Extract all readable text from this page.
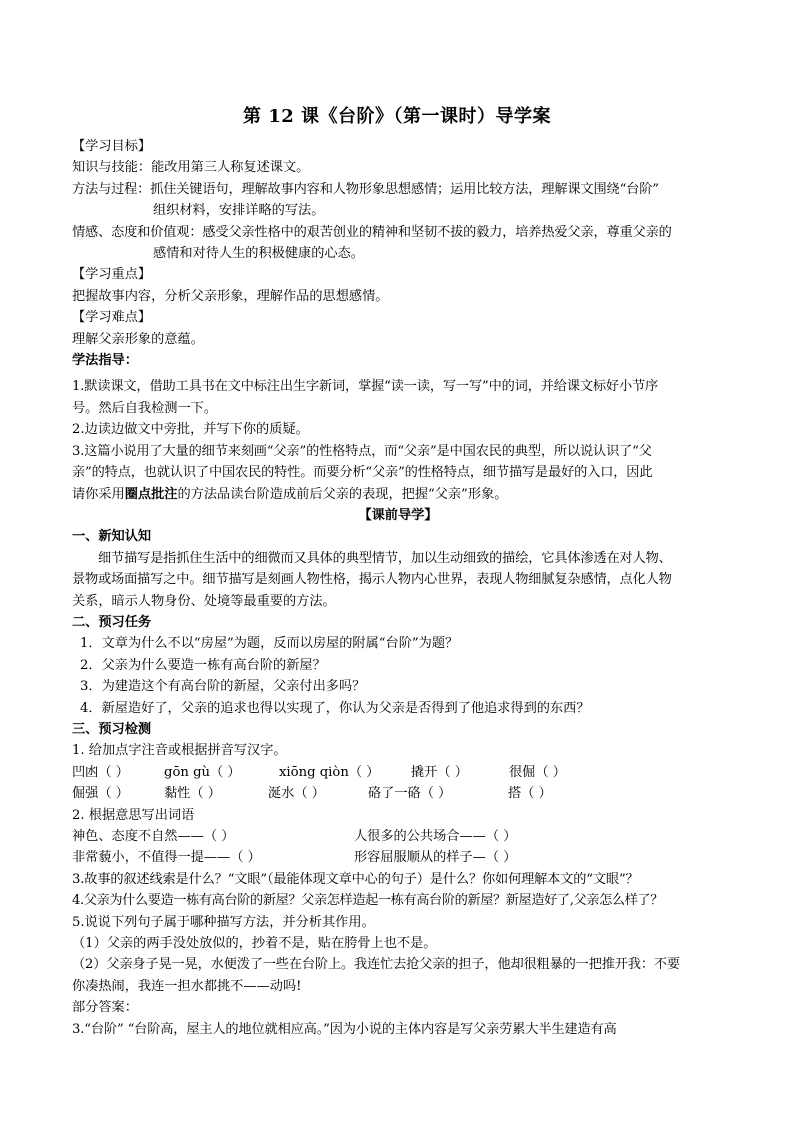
第 12 课《台阶》（第一课时）导学案
【学习目标】
知识与技能：能改用第三人称复述课文。
方法与过程：抓住关键语句，理解故事内容和人物形象思想感情；运用比较方法，理解课文围绕“台阶”
组织材料，安排详略的写法。
情感、态度和价值观：感受父亲性格中的艰苦创业的精神和坚韧不拔的毅力，培养热爱父亲，尊重父亲的
感情和对待人生的积极健康的心态。
【学习重点】
把握故事内容，分析父亲形象，理解作品的思想感情。
【学习难点】
理解父亲形象的意蕴。
学法指导：
1.默读课文，借助工具书在文中标注出生字新词，掌握“读一读，写一写”中的词，并给课文标好小节序
号。然后自我检测一下。
2.边读边做文中旁批，并写下你的质疑。
3.这篇小说用了大量的细节来刻画“父亲”的性格特点，而“父亲”是中国农民的典型，所以说认识了“父
亲”的特点，也就认识了中国农民的特性。而要分析“父亲”的性格特点，细节描写是最好的入口，因此
请你采用圈点批注的方法品读台阶造成前后父亲的表现，把握“父亲”形象。
【课前导学】
一、新知认知
细节描写是指抓住生活中的细微而又具体的典型情节，加以生动细致的描绘，它具体渗透在对人物、
景物或场面描写之中。细节描写是刻画人物性格，揭示人物内心世界，表现人物细腻复杂感情，点化人物
关系，暗示人物身份、处境等最重要的方法。
二、预习任务
1．文章为什么不以“房屋”为题，反而以房屋的附属“台阶”为题？
2．父亲为什么要造一栋有高台阶的新屋？
3．为建造这个有高台阶的新屋，父亲付出多吗？
4．新屋造好了，父亲的追求也得以实现了，你认为父亲是否得到了他追求得到的东西？
三、预习检测
1. 给加点字注音或根据拼音写汉字。
凹凼（ ）	gōn gù（ ）	xiōng qiòn（ ） 撬开（ ）	很倔（ ）
倔强（ ）	黏性（ ）	涎水（ ）	硌了一硌（ ）	搭（ ）
2. 根据意思写出词语
神色、态度不自然——（ ）	人很多的公共场合——（ ）
非常藐小，不值得一提——（ ）	形容屈服顺从的样子—（ ）
3.故事的叙述线索是什么？“文眼”（最能体现文章中心的句子）是什么？你如何理解本文的“文眼”？
4.父亲为什么要造一栋有高台阶的新屋？父亲怎样造起一栋有高台阶的新屋？新屋造好了,父亲怎么样了？
5.说说下列句子属于哪种描写方法，并分析其作用。
（1）父亲的两手没处放似的，抄着不是，贴在胯骨上也不是。
（2）父亲身子晃一晃，水便泼了一些在台阶上。我连忙去抢父亲的担子，他却很粗暴的一把推开我：不要
你凑热闹，我连一担水都挑不——动吗!
部分答案：
3.“台阶” “台阶高，屋主人的地位就相应高。”因为小说的主体内容是写父亲劳累大半生建造有高
